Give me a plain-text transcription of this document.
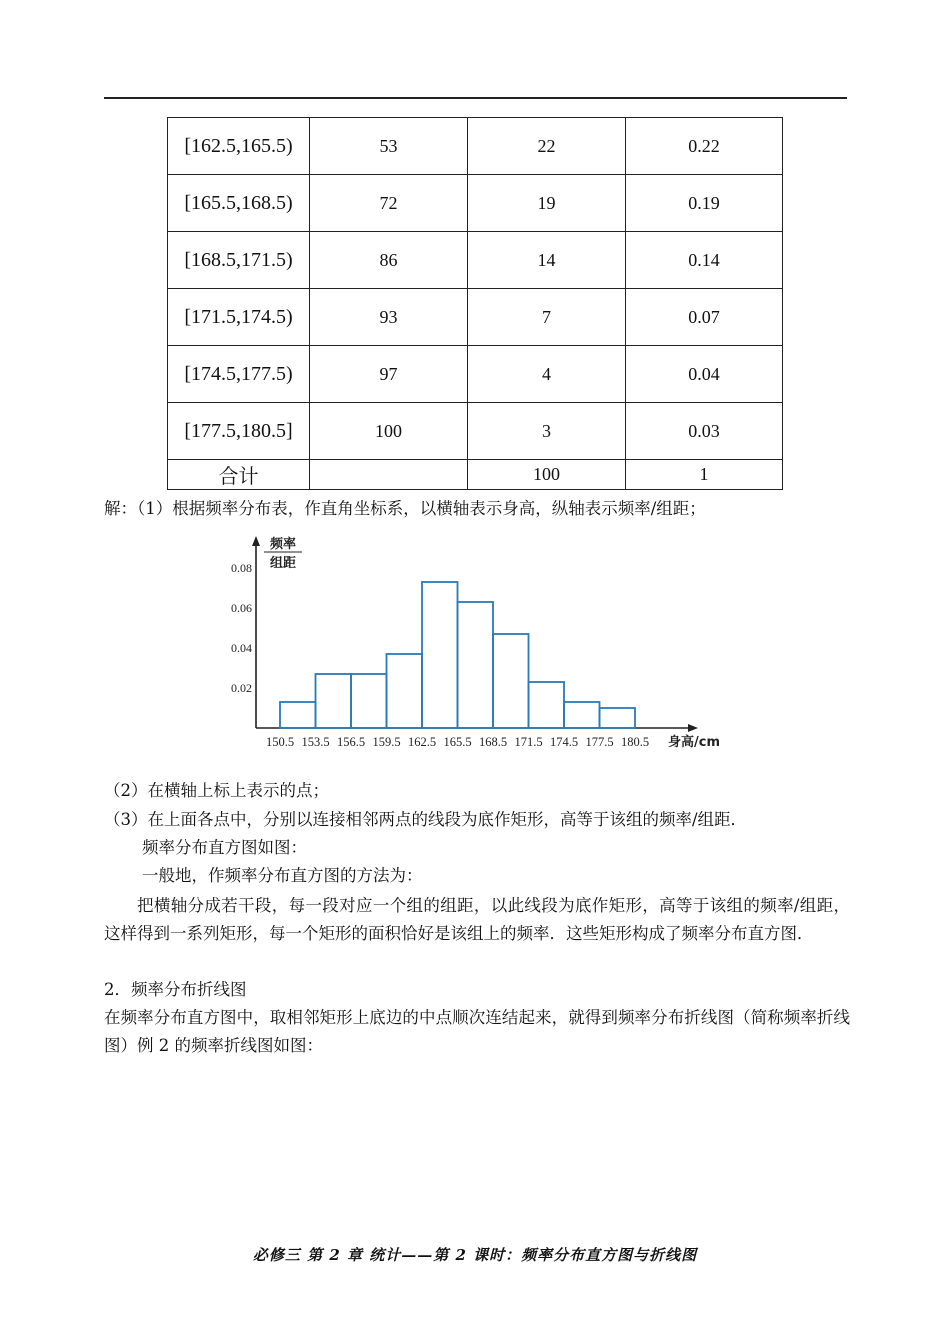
[162.5,165.5)	53	22	0.22
[165.5,168.5)	72	19	0.19
[168.5,171.5)	86	14	0.14
[171.5,174.5)	93	7	0.07
[174.5,177.5)	97	4	0.04
[177.5,180.5]	100	3	0.03
合计		100	1
解：（1）根据频率分布表，作直角坐标系，以横轴表示身高，纵轴表示频率/组距；
频率
组距
0.02
0.04
0.06
0.08
150.5 153.5 156.5 159.5 162.5 165.5 168.5 171.5 174.5 177.5 180.5 身高/cm
（2）在横轴上标上表示的点；
（3）在上面各点中，分别以连接相邻两点的线段为底作矩形，高等于该组的频率/组距．
频率分布直方图如图：
一般地，作频率分布直方图的方法为：
把横轴分成若干段，每一段对应一个组的组距，以此线段为底作矩形，高等于该组的频率/组距，这样得到一系列矩形，每一个矩形的面积恰好是该组上的频率．这些矩形构成了频率分布直方图．
2．频率分布折线图
在频率分布直方图中，取相邻矩形上底边的中点顺次连结起来，就得到频率分布折线图（简称频率折线图）例 2 的频率折线图如图：
必修三 第 2 章 统计——第 2 课时：频率分布直方图与折线图
